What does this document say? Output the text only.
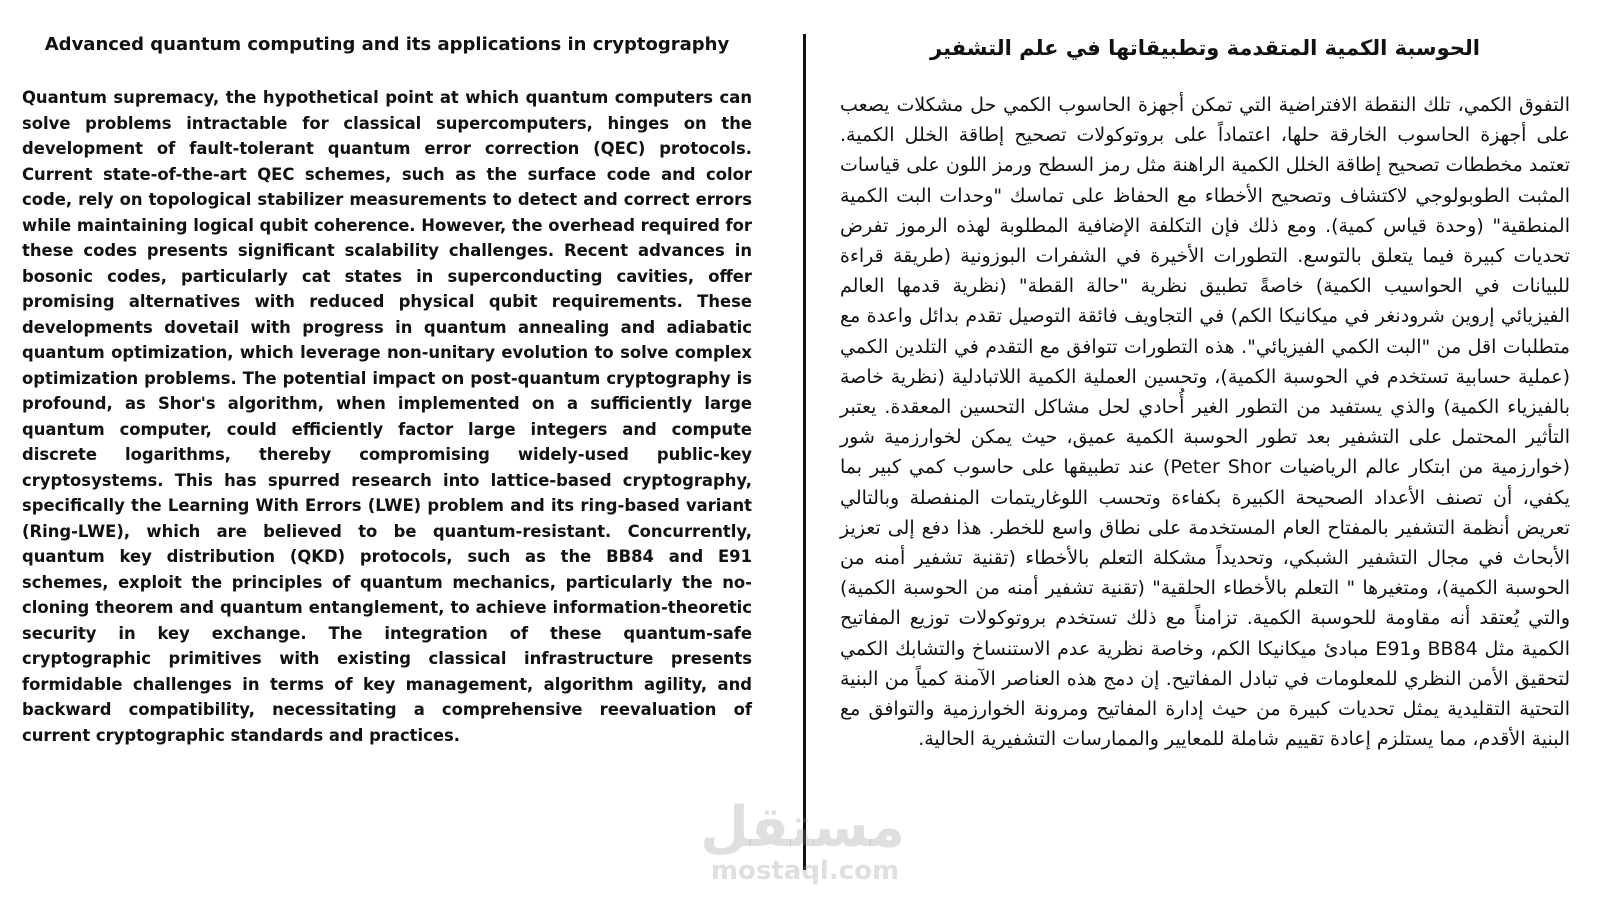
Advanced quantum computing and its applications in cryptography

Quantum supremacy, the hypothetical point at which quantum computers can solve problems intractable for classical supercomputers, hinges on the development of fault-tolerant quantum error correction (QEC) protocols. Current state-of-the-art QEC schemes, such as the surface code and color code, rely on topological stabilizer measurements to detect and correct errors while maintaining logical qubit coherence. However, the overhead required for these codes presents significant scalability challenges. Recent advances in bosonic codes, particularly cat states in superconducting cavities, offer promising alternatives with reduced physical qubit requirements. These developments dovetail with progress in quantum annealing and adiabatic quantum optimization, which leverage non-unitary evolution to solve complex optimization problems. The potential impact on post-quantum cryptography is profound, as Shor's algorithm, when implemented on a sufficiently large quantum computer, could efficiently factor large integers and compute discrete logarithms, thereby compromising widely-used public-key cryptosystems. This has spurred research into lattice-based cryptography, specifically the Learning With Errors (LWE) problem and its ring-based variant (Ring-LWE), which are believed to be quantum-resistant. Concurrently, quantum key distribution (QKD) protocols, such as the BB84 and E91 schemes, exploit the principles of quantum mechanics, particularly the no-cloning theorem and quantum entanglement, to achieve information-theoretic security in key exchange. The integration of these quantum-safe cryptographic primitives with existing classical infrastructure presents formidable challenges in terms of key management, algorithm agility, and backward compatibility, necessitating a comprehensive reevaluation of current cryptographic standards and practices.

الحوسبة الكمية المتقدمة وتطبيقاتها في علم التشفير

التفوق الكمي، تلك النقطة الافتراضية التي تمكن أجهزة الحاسوب الكمي حل مشكلات يصعب على أجهزة الحاسوب الخارقة حلها، اعتماداً على بروتوكولات تصحيح إطاقة الخلل الكمية. تعتمد مخططات تصحيح إطاقة الخلل الكمية الراهنة مثل رمز السطح ورمز اللون على قياسات المثبت الطوبولوجي لاكتشاف وتصحيح الأخطاء مع الحفاظ على تماسك "وحدات البت الكمية المنطقية" (وحدة قياس كمية). ومع ذلك فإن التكلفة الإضافية المطلوبة لهذه الرموز تفرض تحديات كبيرة فيما يتعلق بالتوسع. التطورات الأخيرة في الشفرات البوزونية (طريقة قراءة للبيانات في الحواسيب الكمية) خاصةً تطبيق نظرية "حالة القطة" (نظرية قدمها العالم الفيزيائي إروين شرودنغر في ميكانيكا الكم) في التجاويف فائقة التوصيل تقدم بدائل واعدة مع متطلبات اقل من "البت الكمي الفيزيائي". هذه التطورات تتوافق مع التقدم في التلدين الكمي (عملية حسابية تستخدم في الحوسبة الكمية)، وتحسين العملية الكمية اللاتبادلية (نظرية خاصة بالفيزياء الكمية) والذي يستفيد من التطور الغير أُحادي لحل مشاكل التحسين المعقدة. يعتبر التأثير المحتمل على التشفير بعد تطور الحوسبة الكمية عميق، حيث يمكن لخوارزمية شور (خوارزمية من ابتكار عالم الرياضيات Peter Shor) عند تطبيقها على حاسوب كمي كبير بما يكفي، أن تصنف الأعداد الصحيحة الكبيرة بكفاءة وتحسب اللوغاريتمات المنفصلة وبالتالي تعريض أنظمة التشفير بالمفتاح العام المستخدمة على نطاق واسع للخطر. هذا دفع إلى تعزيز الأبحاث في مجال التشفير الشبكي، وتحديداً مشكلة التعلم بالأخطاء (تقنية تشفير أمنه من الحوسبة الكمية)، ومتغيرها " التعلم بالأخطاء الحلقية" (تقنية تشفير أمنه من الحوسبة الكمية) والتي يُعتقد أنه مقاومة للحوسبة الكمية. تزامناً مع ذلك تستخدم بروتوكولات توزيع المفاتيح الكمية مثل BB84 وE91 مبادئ ميكانيكا الكم، وخاصة نظرية عدم الاستنساخ والتشابك الكمي لتحقيق الأمن النظري للمعلومات في تبادل المفاتيح. إن دمج هذه العناصر الآمنة كمياً من البنية التحتية التقليدية يمثل تحديات كبيرة من حيث إدارة المفاتيح ومرونة الخوارزمية والتوافق مع البنية الأقدم، مما يستلزم إعادة تقييم شاملة للمعايير والممارسات التشفيرية الحالية.

مستقل
mostaql.com
